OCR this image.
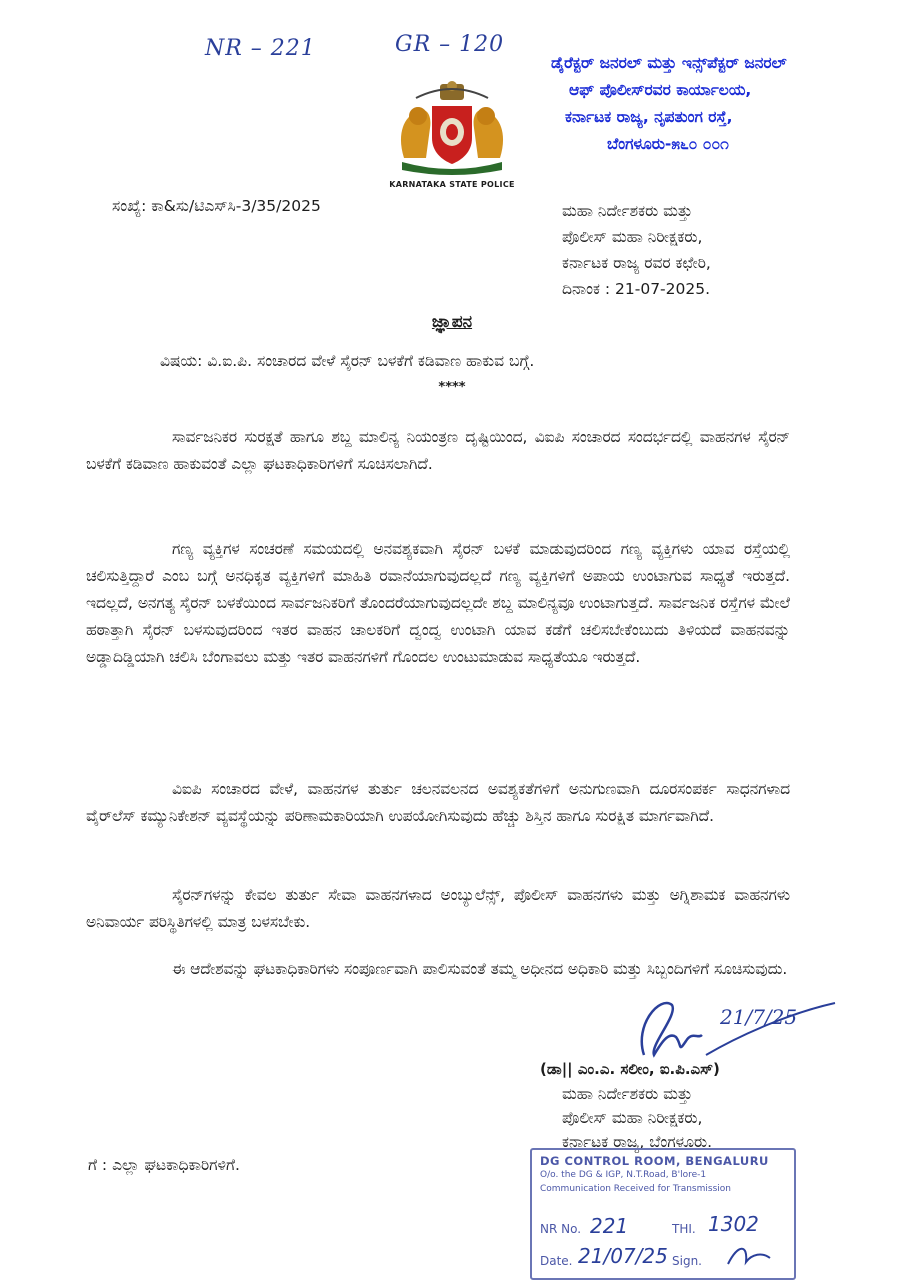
NR – 221	GR – 120
KARNATAKA STATE POLICE
ಡೈರೆಕ್ಟರ್ ಜನರಲ್ ಮತ್ತು ಇನ್ಸ್‌ಪೆಕ್ಟರ್ ಜನರಲ್
ಆಫ್ ಪೊಲೀಸ್‌ರವರ ಕಾರ್ಯಾಲಯ,
ಕರ್ನಾಟಕ ರಾಜ್ಯ, ನೃಪತುಂಗ ರಸ್ತೆ,
ಬೆಂಗಳೂರು-೫೬೦ ೦೦೧
ಸಂಖ್ಯೆ: ಕಾ&ಸು/ಟಿಎಸ್‌ಸಿ-3/35/2025	ಮಹಾ ನಿರ್ದೇಶಕರು ಮತ್ತು
ಪೊಲೀಸ್ ಮಹಾ ನಿರೀಕ್ಷಕರು,
ಕರ್ನಾಟಕ ರಾಜ್ಯ ರವರ ಕಛೇರಿ,
ದಿನಾಂಕ : 21-07-2025.
ಜ್ಞಾಪನ
ವಿಷಯ: ವಿ.ಐ.ಪಿ. ಸಂಚಾರದ ವೇಳೆ ಸೈರನ್ ಬಳಕೆಗೆ ಕಡಿವಾಣ ಹಾಕುವ ಬಗ್ಗೆ.
****
ಸಾರ್ವಜನಿಕರ ಸುರಕ್ಷತೆ ಹಾಗೂ ಶಬ್ದ ಮಾಲಿನ್ಯ ನಿಯಂತ್ರಣ ದೃಷ್ಟಿಯಿಂದ, ವಿಐಪಿ ಸಂಚಾರದ ಸಂದರ್ಭದಲ್ಲಿ ವಾಹನಗಳ ಸೈರನ್ ಬಳಕೆಗೆ ಕಡಿವಾಣ ಹಾಕುವಂತೆ ಎಲ್ಲಾ ಘಟಕಾಧಿಕಾರಿಗಳಿಗೆ ಸೂಚಿಸಲಾಗಿದೆ.
ಗಣ್ಯ ವ್ಯಕ್ತಿಗಳ ಸಂಚರಣೆ ಸಮಯದಲ್ಲಿ ಅನವಶ್ಯಕವಾಗಿ ಸೈರನ್ ಬಳಕೆ ಮಾಡುವುದರಿಂದ ಗಣ್ಯ ವ್ಯಕ್ತಿಗಳು ಯಾವ ರಸ್ತೆಯಲ್ಲಿ ಚಲಿಸುತ್ತಿದ್ದಾರೆ ಎಂಬ ಬಗ್ಗೆ ಅನಧಿಕೃತ ವ್ಯಕ್ತಿಗಳಿಗೆ ಮಾಹಿತಿ ರವಾನೆಯಾಗುವುದಲ್ಲದೆ ಗಣ್ಯ ವ್ಯಕ್ತಿಗಳಿಗೆ ಅಪಾಯ ಉಂಟಾಗುವ ಸಾಧ್ಯತೆ ಇರುತ್ತದೆ. ಇದಲ್ಲದೆ, ಅನಗತ್ಯ ಸೈರನ್ ಬಳಕೆಯಿಂದ ಸಾರ್ವಜನಿಕರಿಗೆ ತೊಂದರೆಯಾಗುವುದಲ್ಲದೇ ಶಬ್ದ ಮಾಲಿನ್ಯವೂ ಉಂಟಾಗುತ್ತದೆ. ಸಾರ್ವಜನಿಕ ರಸ್ತೆಗಳ ಮೇಲೆ ಹಠಾತ್ತಾಗಿ ಸೈರನ್ ಬಳಸುವುದರಿಂದ ಇತರ ವಾಹನ ಚಾಲಕರಿಗೆ ದ್ವಂದ್ವ ಉಂಟಾಗಿ ಯಾವ ಕಡೆಗೆ ಚಲಿಸಬೇಕೆಂಬುದು ತಿಳಿಯದೆ ವಾಹನವನ್ನು ಅಡ್ಡಾದಿಡ್ಡಿಯಾಗಿ ಚಲಿಸಿ ಬೆಂಗಾವಲು ಮತ್ತು ಇತರ ವಾಹನಗಳಿಗೆ ಗೊಂದಲ ಉಂಟುಮಾಡುವ ಸಾಧ್ಯತೆಯೂ ಇರುತ್ತದೆ.
ವಿಐಪಿ ಸಂಚಾರದ ವೇಳೆ, ವಾಹನಗಳ ತುರ್ತು ಚಲನವಲನದ ಅವಶ್ಯಕತೆಗಳಿಗೆ ಅನುಗುಣವಾಗಿ ದೂರಸಂಪರ್ಕ ಸಾಧನಗಳಾದ ವೈರ್‌ಲೆಸ್ ಕಮ್ಯುನಿಕೇಶನ್ ವ್ಯವಸ್ಥೆಯನ್ನು ಪರಿಣಾಮಕಾರಿಯಾಗಿ ಉಪಯೋಗಿಸುವುದು ಹೆಚ್ಚು ಶಿಸ್ತಿನ ಹಾಗೂ ಸುರಕ್ಷಿತ ಮಾರ್ಗವಾಗಿದೆ.
ಸೈರನ್‌ಗಳನ್ನು ಕೇವಲ ತುರ್ತು ಸೇವಾ ವಾಹನಗಳಾದ ಅಂಬ್ಯುಲೆನ್ಸ್, ಪೊಲೀಸ್ ವಾಹನಗಳು ಮತ್ತು ಅಗ್ನಿಶಾಮಕ ವಾಹನಗಳು ಅನಿವಾರ್ಯ ಪರಿಸ್ಥಿತಿಗಳಲ್ಲಿ ಮಾತ್ರ ಬಳಸಬೇಕು.
ಈ ಆದೇಶವನ್ನು ಘಟಕಾಧಿಕಾರಿಗಳು ಸಂಪೂರ್ಣವಾಗಿ ಪಾಲಿಸುವಂತೆ ತಮ್ಮ ಅಧೀನದ ಅಧಿಕಾರಿ ಮತ್ತು ಸಿಬ್ಬಂದಿಗಳಿಗೆ ಸೂಚಿಸುವುದು.
21/7/25
(ಡಾ|| ಎಂ.ಎ. ಸಲೀಂ, ಐ.ಪಿ.ಎಸ್)
ಮಹಾ ನಿರ್ದೇಶಕರು ಮತ್ತು
ಪೊಲೀಸ್ ಮಹಾ ನಿರೀಕ್ಷಕರು,
ಕರ್ನಾಟಕ ರಾಜ್ಯ, ಬೆಂಗಳೂರು.
ಗೆ : ಎಲ್ಲಾ ಘಟಕಾಧಿಕಾರಿಗಳಿಗೆ.	DG CONTROL ROOM, BENGALURU
O/o. the DG & IGP, N.T.Road, B'lore-1
Communication Received for Transmission
NR No. 221	THI. 1302
Date. 21/07/25 Sign.
